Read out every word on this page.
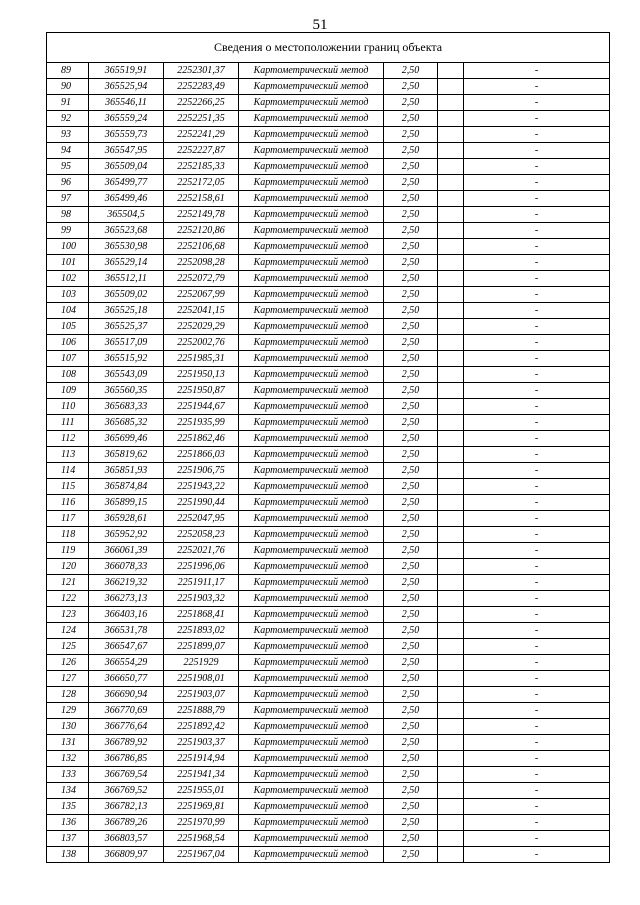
51
Сведения о местоположении границ объекта						
89	365519,91	2252301,37	Картометрический метод	2,50		-
90	365525,94	2252283,49	Картометрический метод	2,50		-
91	365546,11	2252266,25	Картометрический метод	2,50		-
92	365559,24	2252251,35	Картометрический метод	2,50		-
93	365559,73	2252241,29	Картометрический метод	2,50		-
94	365547,95	2252227,87	Картометрический метод	2,50		-
95	365509,04	2252185,33	Картометрический метод	2,50		-
96	365499,77	2252172,05	Картометрический метод	2,50		-
97	365499,46	2252158,61	Картометрический метод	2,50		-
98	365504,5	2252149,78	Картометрический метод	2,50		-
99	365523,68	2252120,86	Картометрический метод	2,50		-
100	365530,98	2252106,68	Картометрический метод	2,50		-
101	365529,14	2252098,28	Картометрический метод	2,50		-
102	365512,11	2252072,79	Картометрический метод	2,50		-
103	365509,02	2252067,99	Картометрический метод	2,50		-
104	365525,18	2252041,15	Картометрический метод	2,50		-
105	365525,37	2252029,29	Картометрический метод	2,50		-
106	365517,09	2252002,76	Картометрический метод	2,50		-
107	365515,92	2251985,31	Картометрический метод	2,50		-
108	365543,09	2251950,13	Картометрический метод	2,50		-
109	365560,35	2251950,87	Картометрический метод	2,50		-
110	365683,33	2251944,67	Картометрический метод	2,50		-
111	365685,32	2251935,99	Картометрический метод	2,50		-
112	365699,46	2251862,46	Картометрический метод	2,50		-
113	365819,62	2251866,03	Картометрический метод	2,50		-
114	365851,93	2251906,75	Картометрический метод	2,50		-
115	365874,84	2251943,22	Картометрический метод	2,50		-
116	365899,15	2251990,44	Картометрический метод	2,50		-
117	365928,61	2252047,95	Картометрический метод	2,50		-
118	365952,92	2252058,23	Картометрический метод	2,50		-
119	366061,39	2252021,76	Картометрический метод	2,50		-
120	366078,33	2251996,06	Картометрический метод	2,50		-
121	366219,32	2251911,17	Картометрический метод	2,50		-
122	366273,13	2251903,32	Картометрический метод	2,50		-
123	366403,16	2251868,41	Картометрический метод	2,50		-
124	366531,78	2251893,02	Картометрический метод	2,50		-
125	366547,67	2251899,07	Картометрический метод	2,50		-
126	366554,29	2251929	Картометрический метод	2,50		-
127	366650,77	2251908,01	Картометрический метод	2,50		-
128	366690,94	2251903,07	Картометрический метод	2,50		-
129	366770,69	2251888,79	Картометрический метод	2,50		-
130	366776,64	2251892,42	Картометрический метод	2,50		-
131	366789,92	2251903,37	Картометрический метод	2,50		-
132	366786,85	2251914,94	Картометрический метод	2,50		-
133	366769,54	2251941,34	Картометрический метод	2,50		-
134	366769,52	2251955,01	Картометрический метод	2,50		-
135	366782,13	2251969,81	Картометрический метод	2,50		-
136	366789,26	2251970,99	Картометрический метод	2,50		-
137	366803,57	2251968,54	Картометрический метод	2,50		-
138	366809,97	2251967,04	Картометрический метод	2,50		-
